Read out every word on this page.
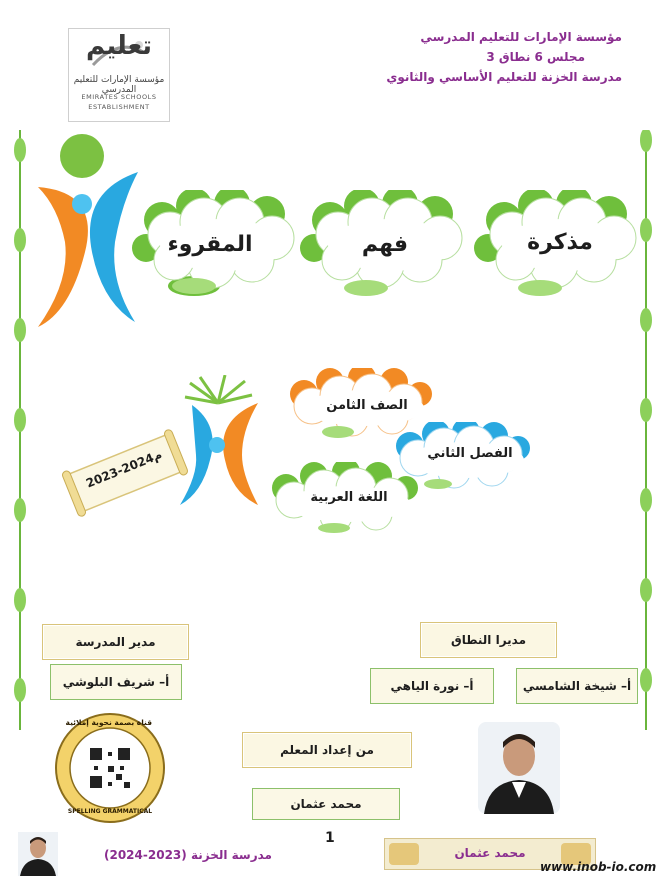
مؤسسة الإمارات للتعليم المدرسي
مجلس 6 نطاق 3
مدرسة الخزنة للتعليم الأساسي والثانوي
تعليم
مؤسسة الإمارات للتعليم المدرسي
EMIRATES SCHOOLS
ESTABLISHMENT
المقروء	فهم	مذكرة
2023-2024م
الصف الثامن
الفصل الثاني
اللغة العربية
مدير المدرسة
أ– شريف البلوشي
مديرا النطاق
أ– شيخة الشامسي
أ– نورة الياهي
من إعداد المعلم
محمد عثمان
قناة بصمة نحوية إملائية
SPELLING GRAMMATICAL
1
مدرسة الخزنة (2023-2024)	محمد عثمان
www.inob-io.com
